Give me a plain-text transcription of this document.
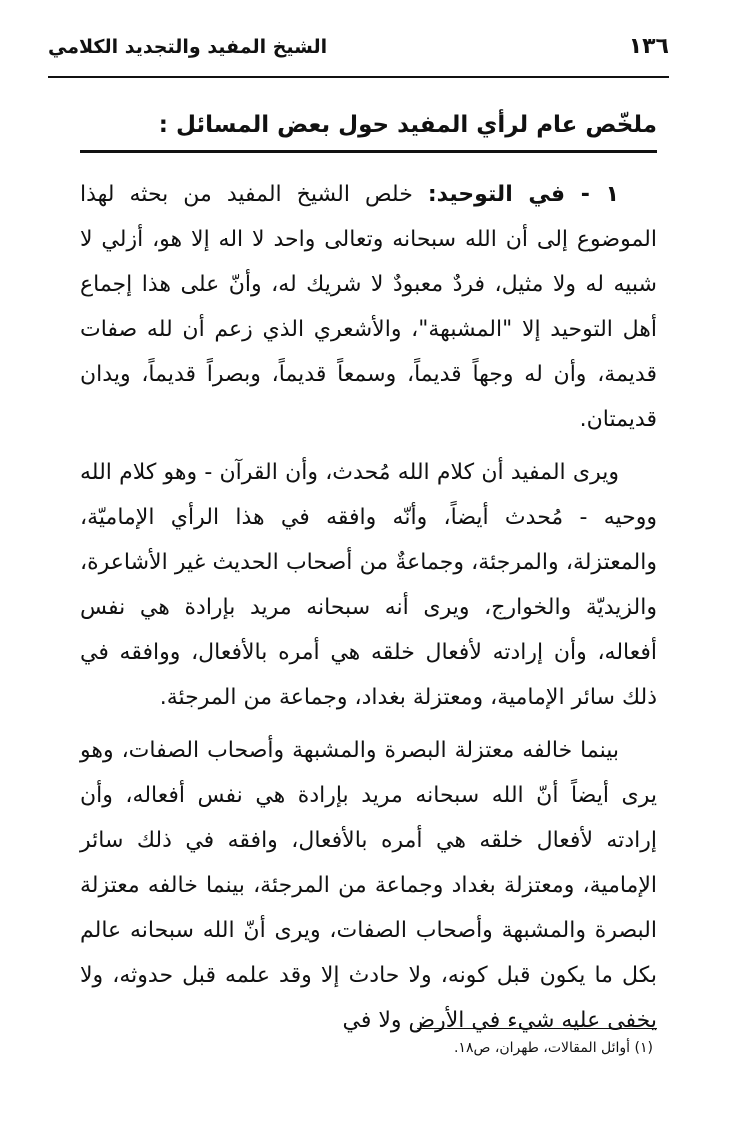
١٣٦
الشيخ المفيد والتجديد الكلامي
ملخّص عام لرأي المفيد حول بعض المسائل :

١ - في التوحيد: خلص الشيخ المفيد من بحثه لهذا الموضوع إلى أن الله سبحانه وتعالى واحد لا اله إلا هو، أزلي لا شبيه له ولا مثيل، فردٌ معبودٌ لا شريك له، وأنّ على هذا إجماع أهل التوحيد إلا "المشبهة"، والأشعري الذي زعم أن لله صفات قديمة، وأن له وجهاً قديماً، وسمعاً قديماً، وبصراً قديماً، ويدان قديمتان.

ويرى المفيد أن كلام الله مُحدث، وأن القرآن - وهو كلام الله ووحيه - مُحدث أيضاً، وأنّه وافقه في هذا الرأي الإماميّة، والمعتزلة، والمرجئة، وجماعةٌ من أصحاب الحديث غير الأشاعرة، والزيديّة والخوارج، ويرى أنه سبحانه مريد بإرادة هي نفس أفعاله، وأن إرادته لأفعال خلقه هي أمره بالأفعال، ووافقه في ذلك سائر الإمامية، ومعتزلة بغداد، وجماعة من المرجئة.

بينما خالفه معتزلة البصرة والمشبهة وأصحاب الصفات، وهو يرى أيضاً أنّ الله سبحانه مريد بإرادة هي نفس أفعاله، وأن إرادته لأفعال خلقه هي أمره بالأفعال، وافقه في ذلك سائر الإمامية، ومعتزلة بغداد وجماعة من المرجئة، بينما خالفه معتزلة البصرة والمشبهة وأصحاب الصفات، ويرى أنّ الله سبحانه عالم بكل ما يكون قبل كونه، ولا حادث إلا وقد علمه قبل حدوثه، ولا يخفى عليه شيء في الأرض ولا في

(١) أوائل المقالات، طهران، ص١٨.
